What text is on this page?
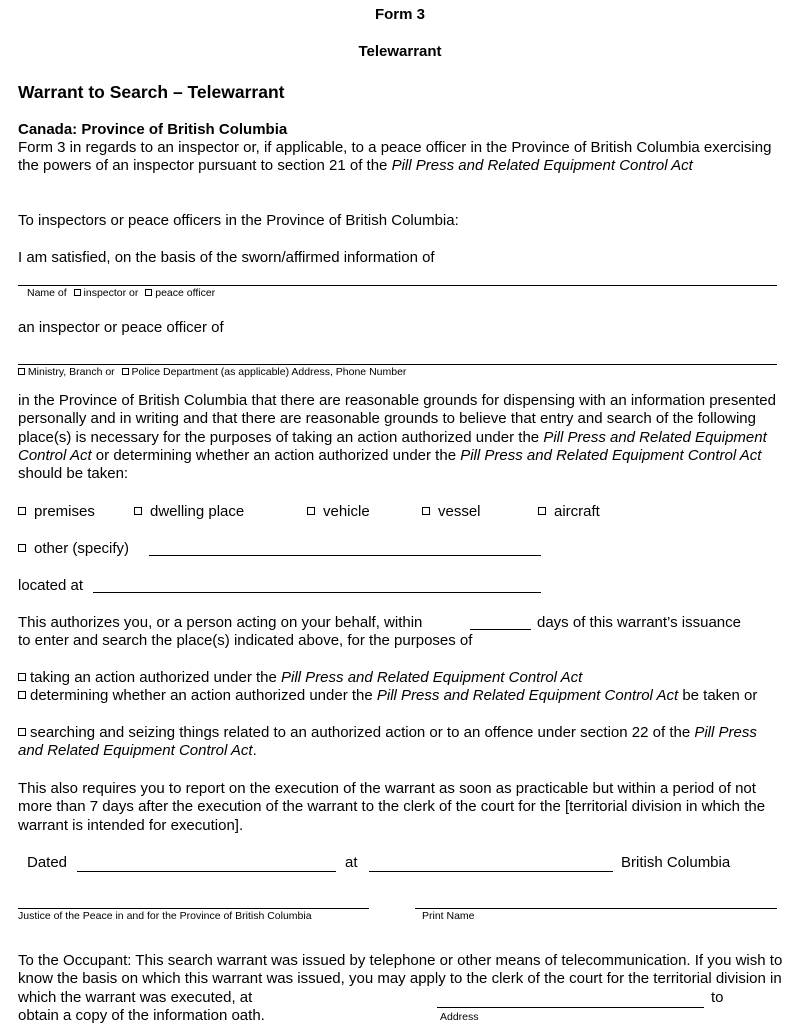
Form 3
Telewarrant
Warrant to Search – Telewarrant
Canada: Province of British Columbia
Form 3 in regards to an inspector or, if applicable, to a peace officer in the Province of British Columbia exercising the powers of an inspector pursuant to section 21 of the Pill Press and Related Equipment Control Act
To inspectors or peace officers in the Province of British Columbia:
I am satisfied, on the basis of the sworn/affirmed information of
Name of inspector or peace officer
an inspector or peace officer of
Ministry, Branch or Police Department (as applicable) Address, Phone Number
in the Province of British Columbia that there are reasonable grounds for dispensing with an information presented personally and in writing and that there are reasonable grounds to believe that entry and search of the following place(s) is necessary for the purposes of taking an action authorized under the Pill Press and Related Equipment Control Act or determining whether an action authorized under the Pill Press and Related Equipment Control Act should be taken:
premises	dwelling place	vehicle	vessel	aircraft
other (specify)
located at
This authorizes you, or a person acting on your behalf, within	days of this warrant’s issuance
to enter and search the place(s) indicated above, for the purposes of
taking an action authorized under the Pill Press and Related Equipment Control Act
determining whether an action authorized under the Pill Press and Related Equipment Control Act be taken or
searching and seizing things related to an authorized action or to an offence under section 22 of the Pill Press and Related Equipment Control Act.
This also requires you to report on the execution of the warrant as soon as practicable but within a period of not more than 7 days after the execution of the warrant to the clerk of the court for the [territorial division in which the warrant is intended for execution].
Dated	at	British Columbia
Justice of the Peace in and for the Province of British Columbia	Print Name
To the Occupant: This search warrant was issued by telephone or other means of telecommunication. If you wish to know the basis on which this warrant was issued, you may apply to the clerk of the court for the territorial division in which the warrant was executed, at	to
obtain a copy of the information oath.	Address
